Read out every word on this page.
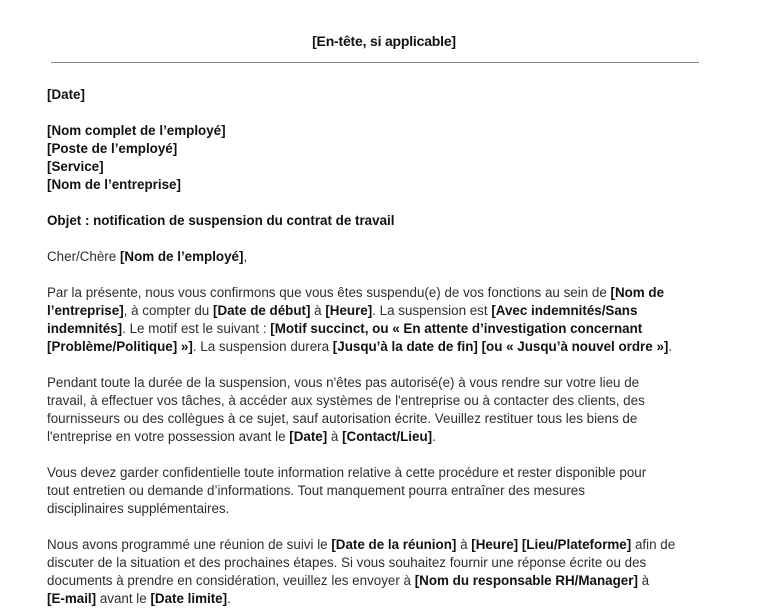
[En-tête, si applicable]

[Date]

[Nom complet de l’employé]

[Poste de l’employé]

[Service]

[Nom de l’entreprise]

Objet : notification de suspension du contrat de travail

Cher/Chère [Nom de l’employé],

Par la présente, nous vous confirmons que vous êtes suspendu(e) de vos fonctions au sein de [Nom de

l’entreprise], à compter du [Date de début] à [Heure]. La suspension est [Avec indemnités/Sans

indemnités]. Le motif est le suivant : [Motif succinct, ou « En attente d’investigation concernant

[Problème/Politique] »]. La suspension durera [Jusqu’à la date de fin] [ou « Jusqu’à nouvel ordre »].

Pendant toute la durée de la suspension, vous n'êtes pas autorisé(e) à vous rendre sur votre lieu de

travail, à effectuer vos tâches, à accéder aux systèmes de l'entreprise ou à contacter des clients, des

fournisseurs ou des collègues à ce sujet, sauf autorisation écrite. Veuillez restituer tous les biens de

l'entreprise en votre possession avant le [Date] à [Contact/Lieu].

Vous devez garder confidentielle toute information relative à cette procédure et rester disponible pour

tout entretien ou demande d’informations. Tout manquement pourra entraîner des mesures

disciplinaires supplémentaires.

Nous avons programmé une réunion de suivi le [Date de la réunion] à [Heure] [Lieu/Plateforme] afin de

discuter de la situation et des prochaines étapes. Si vous souhaitez fournir une réponse écrite ou des

documents à prendre en considération, veuillez les envoyer à [Nom du responsable RH/Manager] à

[E-mail] avant le [Date limite].
